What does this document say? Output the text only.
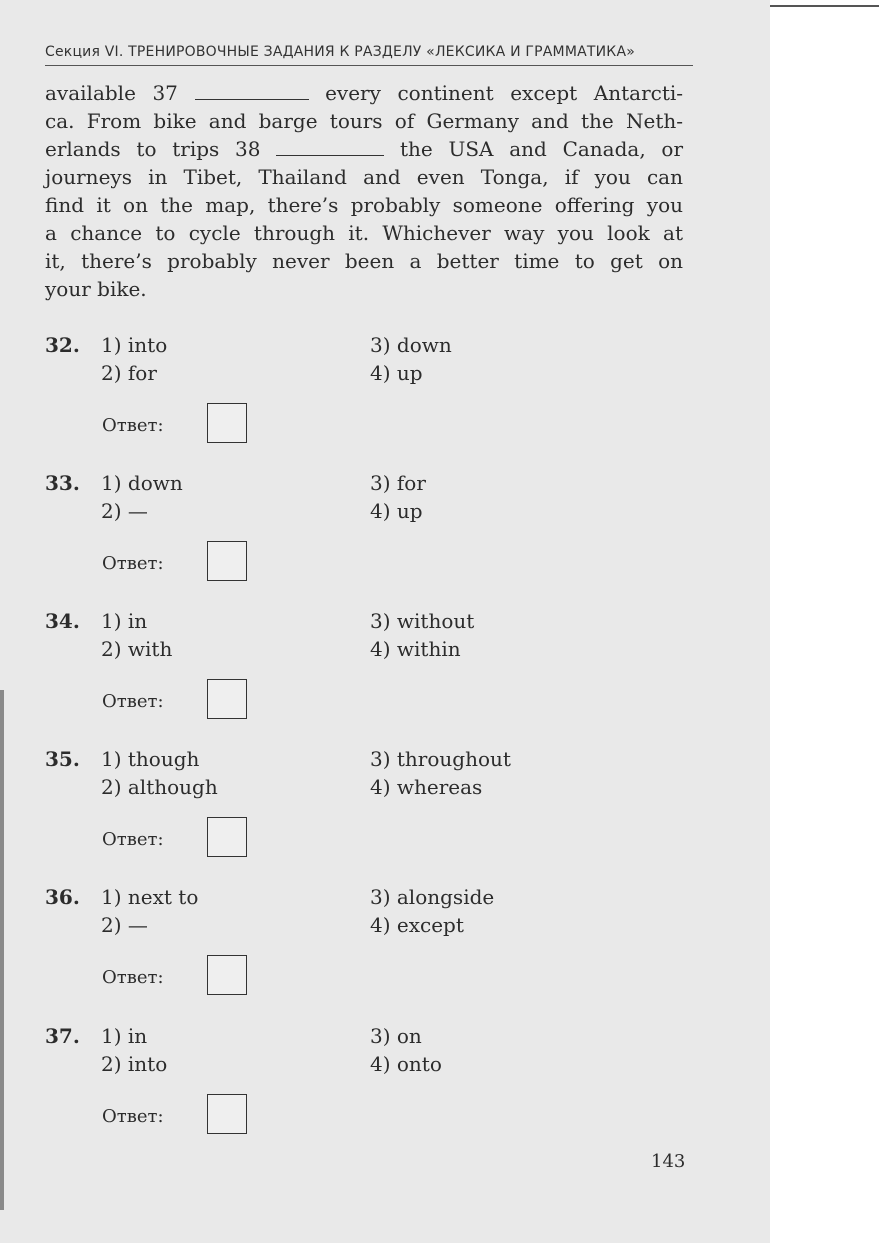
Секция VI. ТРЕНИРОВОЧНЫЕ ЗАДАНИЯ К РАЗДЕЛУ «ЛЕКСИКА И ГРАММАТИКА»
available 37	every continent except Antarcti-
ca. From bike and barge tours of Germany and the Neth-
erlands to trips 38	the USA and Canada, or
journeys in Tibet, Thailand and even Tonga, if you can
find it on the map, there’s probably someone offering you
a chance to cycle through it. Whichever way you look at
it, there’s probably never been a better time to get on
your bike.
32. 1) into
2) for
3) down
4) up
Ответ:
33. 1) down
2) —
3) for
4) up
Ответ:
34. 1) in
2) with
3) without
4) within
Ответ:
35. 1) though
2) although
3) throughout
4) whereas
Ответ:
36. 1) next to
2) —
3) alongside
4) except
Ответ:
37. 1) in
2) into
3) on
4) onto
Ответ:
143
